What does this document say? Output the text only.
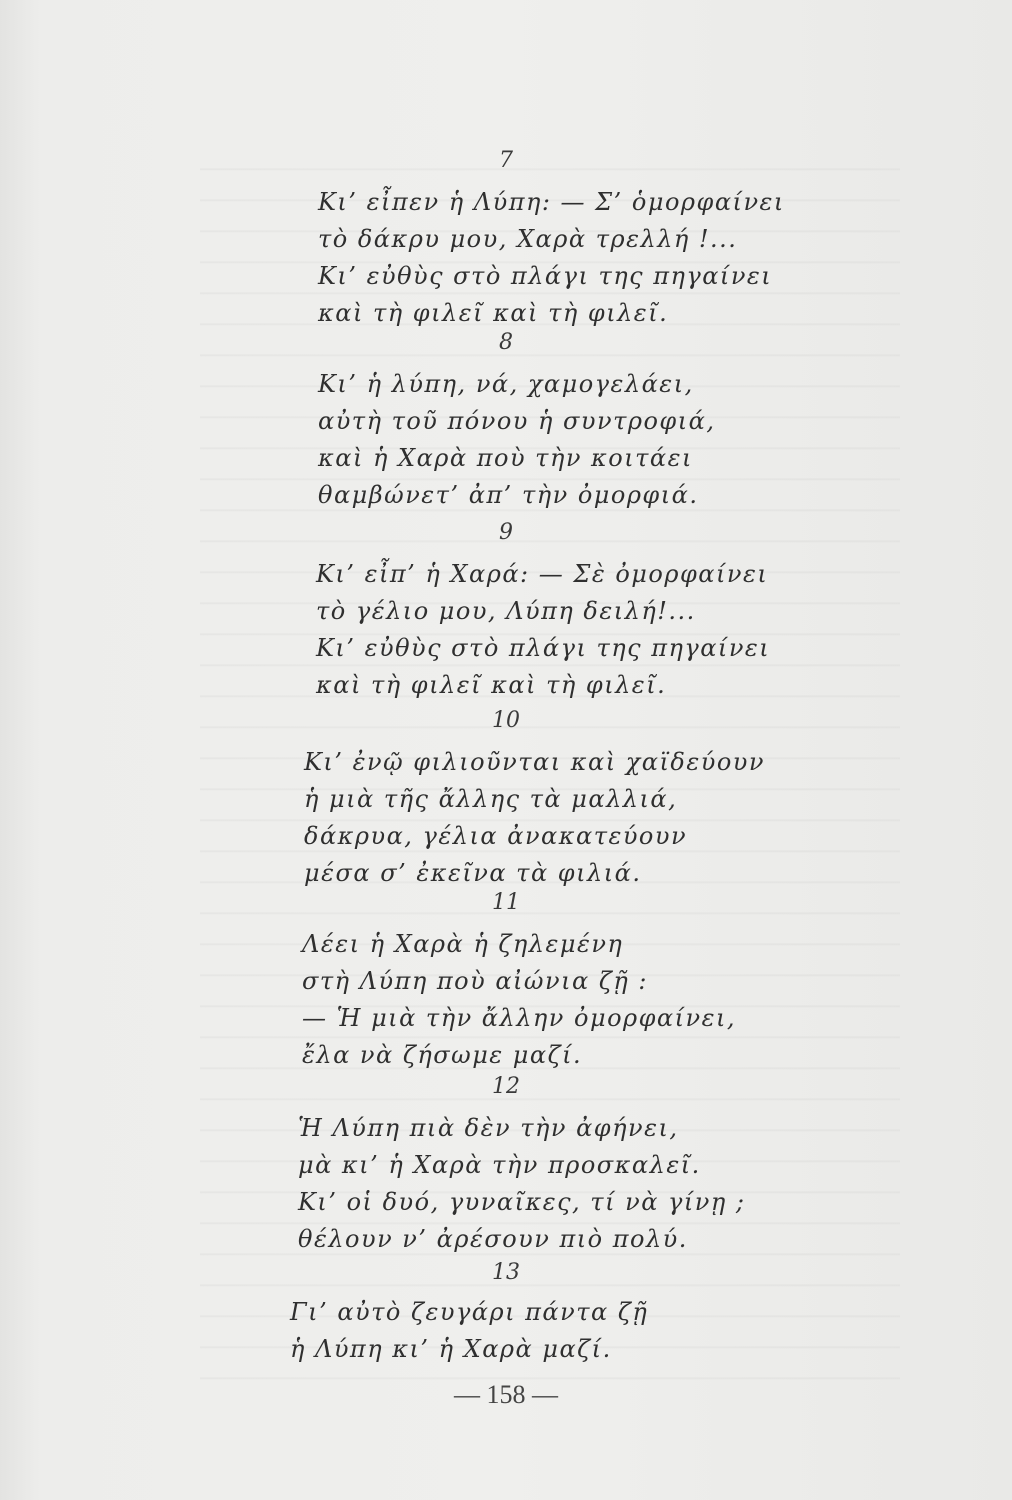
7
Κι’ εἶπεν ἡ Λύπη: — Σ’ ὁμορφαίνει
τὸ δάκρυ μου, Χαρὰ τρελλή !...
Κι’ εὐθὺς στὸ πλάγι της πηγαίνει
καὶ τὴ φιλεῖ καὶ τὴ φιλεῖ.
8
Κι’ ἡ λύπη, νά, χαμογελάει,
αὐτὴ τοῦ πόνου ἡ συντροφιά,
καὶ ἡ Χαρὰ ποὺ τὴν κοιτάει
θαμβώνετ’ ἀπ’ τὴν ὀμορφιά.
9
Κι’ εἶπ’ ἡ Χαρά: — Σὲ ὀμορφαίνει
τὸ γέλιο μου, Λύπη δειλή!...
Κι’ εὐθὺς στὸ πλάγι της πηγαίνει
καὶ τὴ φιλεῖ καὶ τὴ φιλεῖ.
10
Κι’ ἐνῷ φιλιοῦνται καὶ χαϊδεύουν
ἡ μιὰ τῆς ἄλλης τὰ μαλλιά,
δάκρυα, γέλια ἀνακατεύουν
μέσα σ’ ἐκεῖνα τὰ φιλιά.
11
Λέει ἡ Χαρὰ ἡ ζηλεμένη
στὴ Λύπη ποὺ αἰώνια ζῇ :
— Ἡ μιὰ τὴν ἄλλην ὀμορφαίνει,
ἔλα νὰ ζήσωμε μαζί.
12
Ἡ Λύπη πιὰ δὲν τὴν ἀφήνει,
μὰ κι’ ἡ Χαρὰ τὴν προσκαλεῖ.
Κι’ οἱ δυό, γυναῖκες, τί νὰ γίνῃ ;
θέλουν ν’ ἀρέσουν πιὸ πολύ.
13
Γι’ αὐτὸ ζευγάρι πάντα ζῇ
ἡ Λύπη κι’ ἡ Χαρὰ μαζί.
— 158 —
